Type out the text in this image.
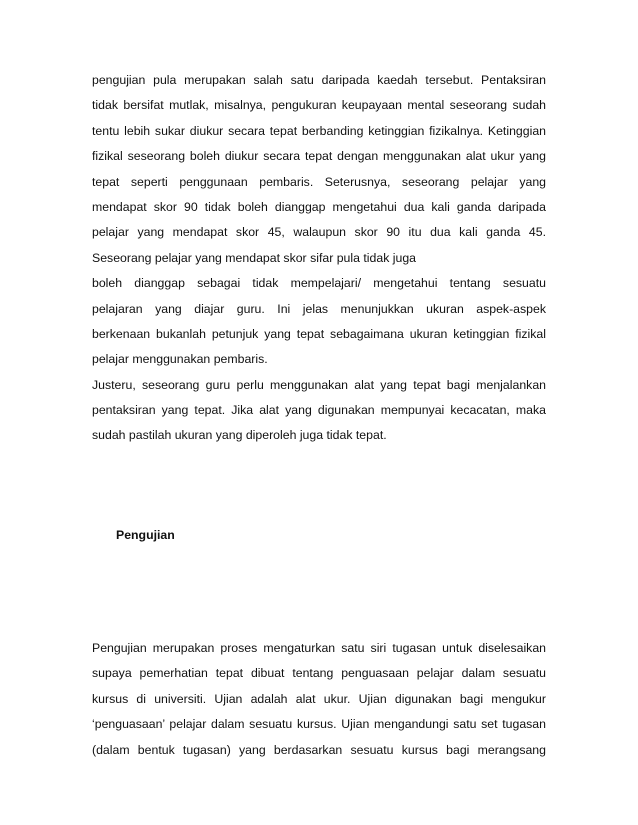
pengujian pula merupakan salah satu daripada kaedah tersebut. Pentaksiran
tidak bersifat mutlak, misalnya, pengukuran keupayaan mental seseorang sudah
tentu lebih sukar diukur secara tepat berbanding ketinggian fizikalnya. Ketinggian
fizikal seseorang boleh diukur secara tepat dengan menggunakan alat ukur yang
tepat seperti penggunaan pembaris. Seterusnya, seseorang pelajar yang
mendapat skor 90 tidak boleh dianggap mengetahui dua kali ganda daripada
pelajar yang mendapat skor 45, walaupun skor 90 itu dua kali ganda 45.
Seseorang pelajar yang mendapat skor sifar pula tidak juga
boleh dianggap sebagai tidak mempelajari/ mengetahui tentang sesuatu
pelajaran yang diajar guru. Ini jelas menunjukkan ukuran aspek-aspek
berkenaan bukanlah petunjuk yang tepat sebagaimana ukuran ketinggian fizikal
pelajar menggunakan pembaris.
Justeru, seseorang guru perlu menggunakan alat yang tepat bagi menjalankan
pentaksiran yang tepat. Jika alat yang digunakan mempunyai kecacatan, maka
sudah pastilah ukuran yang diperoleh juga tidak tepat.

Pengujian

Pengujian merupakan proses mengaturkan satu siri tugasan untuk diselesaikan
supaya pemerhatian tepat dibuat tentang penguasaan pelajar dalam sesuatu
kursus di universiti. Ujian adalah alat ukur. Ujian digunakan bagi mengukur
‘penguasaan’ pelajar dalam sesuatu kursus. Ujian mengandungi satu set tugasan
(dalam bentuk tugasan) yang berdasarkan sesuatu kursus bagi merangsang
